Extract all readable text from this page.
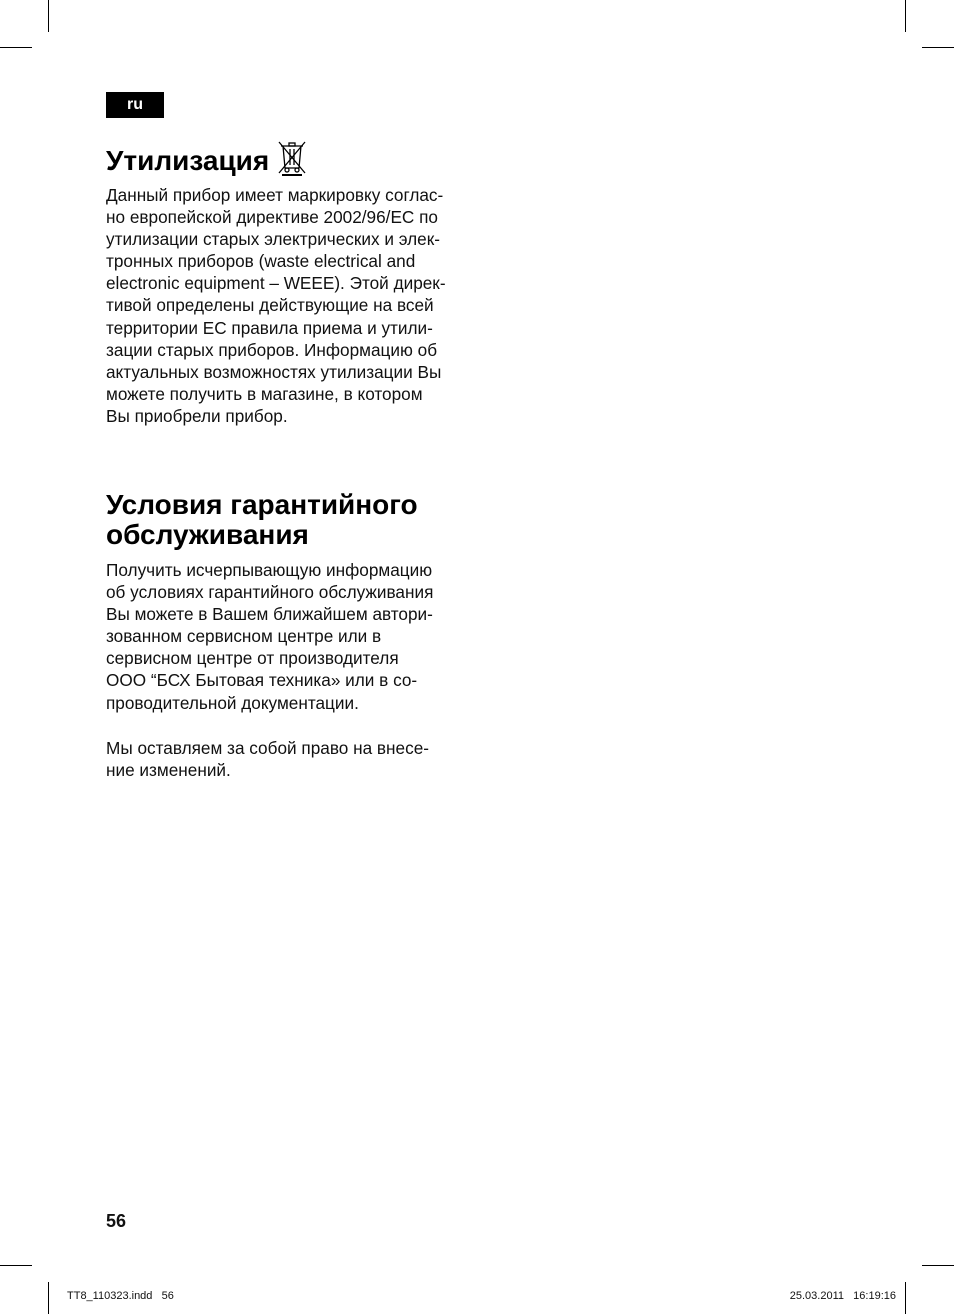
ru
Утилизация

Данный прибор имеет маркировку соглас-
но европейской директиве 2002/96/ЕС по
утилизации старых электрических и элек-
тронных приборов (waste electrical and
electronic equipment – WEEE). Этой дирек-
тивой определены действующие на всей
территории ЕС правила приема и утили-
зации старых приборов. Информацию об
актуальных возможностях утилизации Вы
можете получить в магазине, в котором
Вы приобрели прибор.

Условия гарантийного
обслуживания

Получить исчерпывающую информацию
об условиях гарантийного обслуживания
Вы можете в Вашем ближайшем автори-
зованном сервисном центре или в
сервисном центре от производителя
ООО “БСХ Бытовая техника» или в со-
проводительной документации.

Мы оставляем за собой право на внесе-
ние изменений.

56
TT8_110323.indd   56	25.03.2011   16:19:16
